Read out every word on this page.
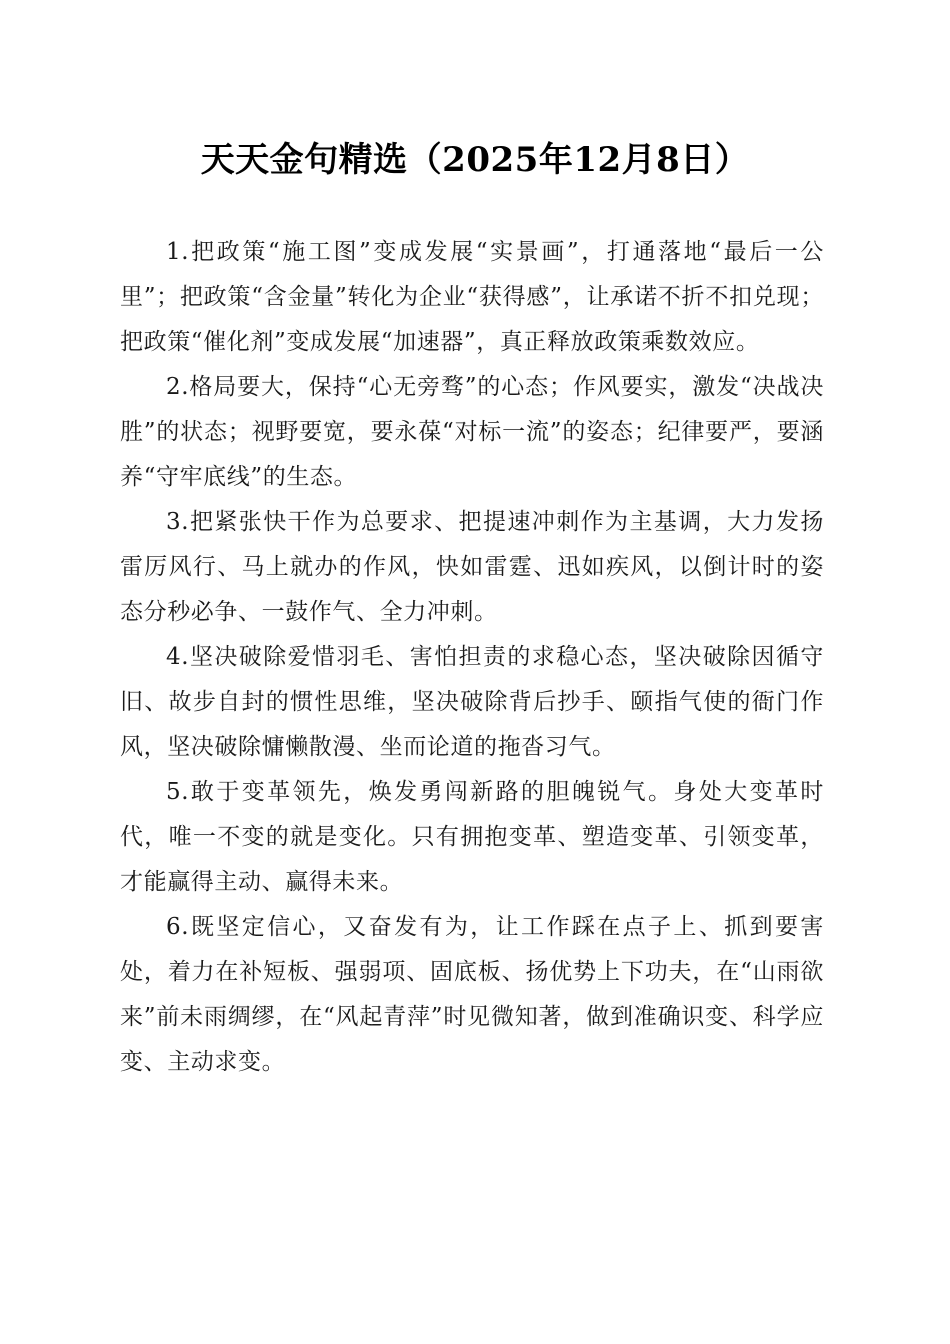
天天金句精选（2025年12月8日）

1.把政策“施工图”变成发展“实景画”，打通落地“最后一公里”；把政策“含金量”转化为企业“获得感”，让承诺不折不扣兑现；把政策“催化剂”变成发展“加速器”，真正释放政策乘数效应。

2.格局要大，保持“心无旁骛”的心态；作风要实，激发“决战决胜”的状态；视野要宽，要永葆“对标一流”的姿态；纪律要严，要涵养“守牢底线”的生态。

3.把紧张快干作为总要求、把提速冲刺作为主基调，大力发扬雷厉风行、马上就办的作风，快如雷霆、迅如疾风，以倒计时的姿态分秒必争、一鼓作气、全力冲刺。

4.坚决破除爱惜羽毛、害怕担责的求稳心态，坚决破除因循守旧、故步自封的惯性思维，坚决破除背后抄手、颐指气使的衙门作风，坚决破除慵懒散漫、坐而论道的拖沓习气。

5.敢于变革领先，焕发勇闯新路的胆魄锐气。身处大变革时代，唯一不变的就是变化。只有拥抱变革、塑造变革、引领变革，才能赢得主动、赢得未来。

6.既坚定信心，又奋发有为，让工作踩在点子上、抓到要害处，着力在补短板、强弱项、固底板、扬优势上下功夫，在“山雨欲来”前未雨绸缪，在“风起青萍”时见微知著，做到准确识变、科学应变、主动求变。
